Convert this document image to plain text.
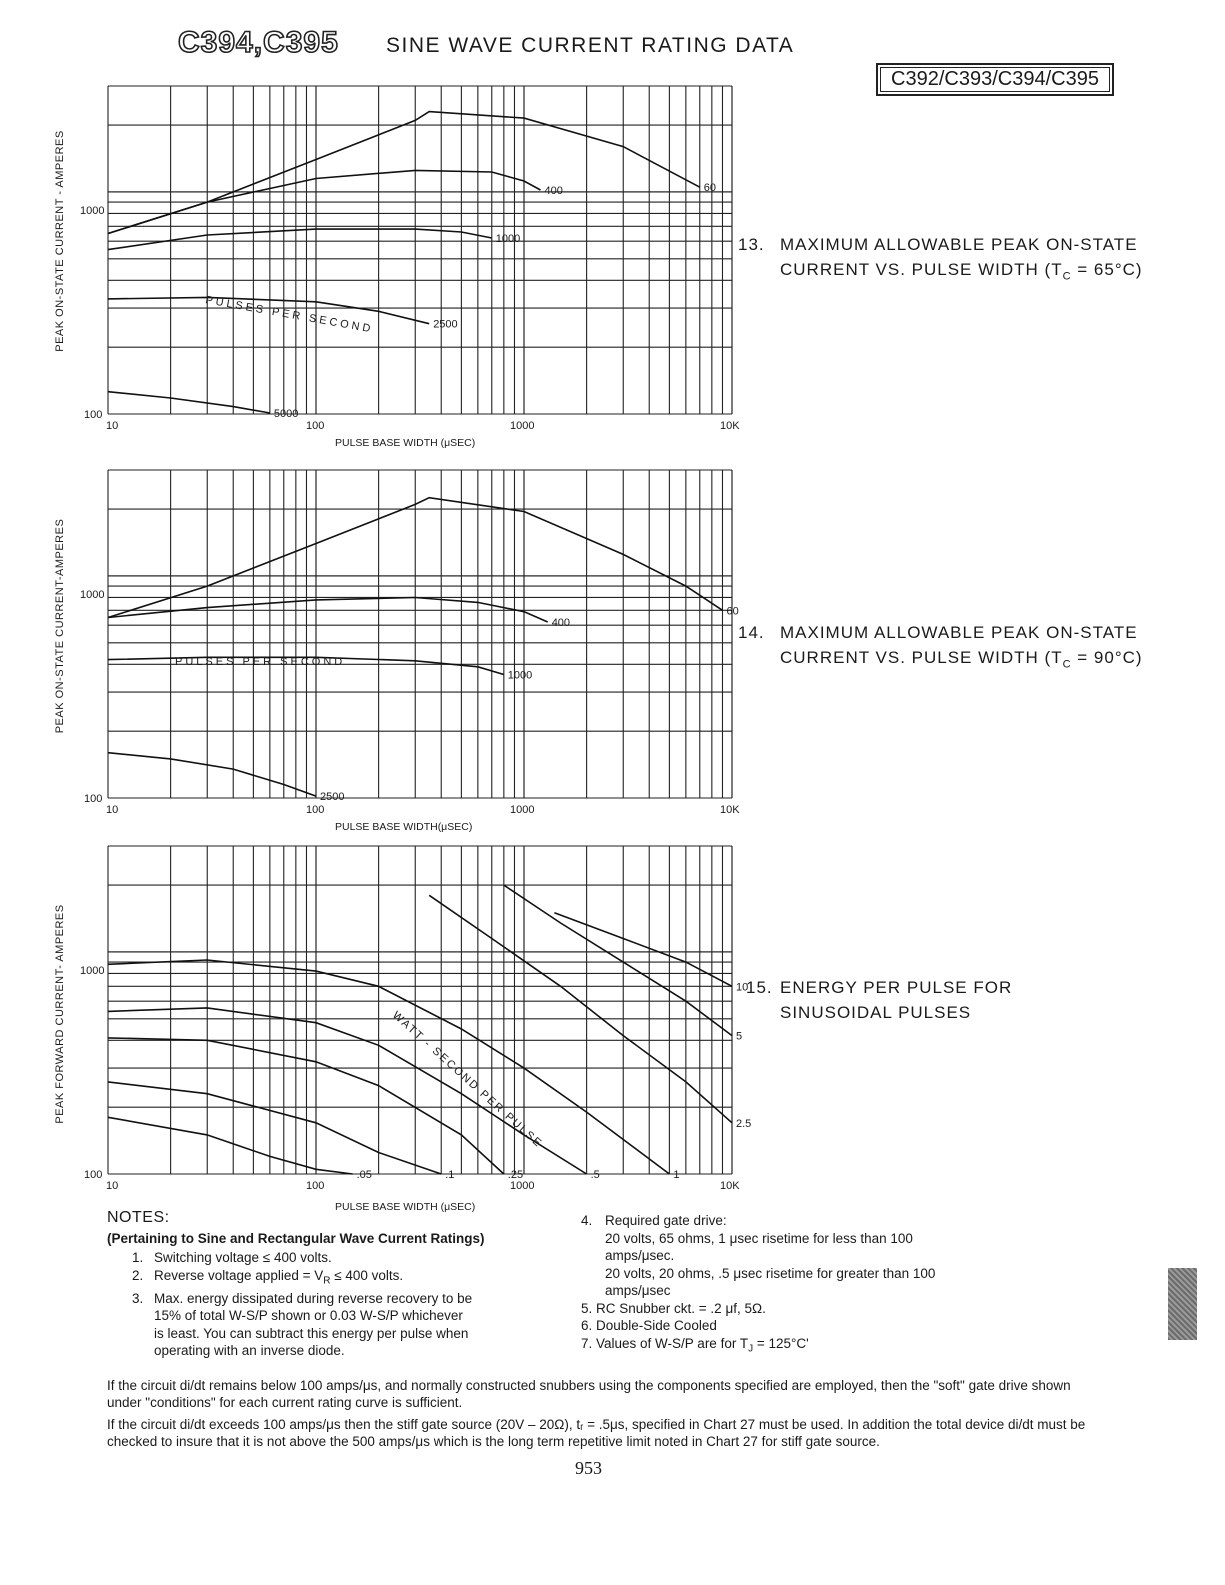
C394,C395 SINE WAVE CURRENT RATING DATA
C392/C393/C394/C395
PEAK ON-STATE CURRENT - AMPERES	60
400
1000
2500
5000
1000
100
10	100	1000	10K
PULSE BASE WIDTH (μSEC)
PULSES PER SECOND
13. MAXIMUM ALLOWABLE PEAK ON-STATE
CURRENT VS. PULSE WIDTH $(T_C = 65^\circ C)$
PEAK ON-STATE CURRENT-AMPERES	60
400
1000
2500
1000
100
10	100	1000	10K
PULSE BASE WIDTH(μSEC)
PULSES PER SECOND
14. MAXIMUM ALLOWABLE PEAK ON-STATE
CURRENT VS. PULSE WIDTH $(T_C = 90^\circ C)$
PEAK FORWARD CURRENT- AMPERES	10
5
2.5
1
.5
.25
.1
.05
1000
100
10	100	1000	10K
PULSE BASE WIDTH (μSEC)
WATT - SECOND PER PULSE
15. ENERGY PER PULSE FOR
SINUSOIDAL PULSES
NOTES:
(Pertaining to Sine and Rectangular Wave Current Ratings)
1. Switching voltage ≤ 400 volts.
2. Reverse voltage applied = $V_R \le 400$ volts.
3. Max. energy dissipated during reverse recovery to be
15% of total W-S/P shown or 0.03 W-S/P whichever
is least. You can subtract this energy per pulse when
operating with an inverse diode.
4. Required gate drive:
20 volts, 65 ohms, 1 μsec risetime for less than 100
amps/μsec.
20 volts, 20 ohms, .5 μsec risetime for greater than 100
amps/μsec
5. RC Snubber ckt. = .2 μf, 5Ω.
6. Double-Side Cooled
7. Values of W-S/P are for $T_J = 125^\circ C'$
If the circuit di/dt remains below 100 amps/μs, and normally constructed snubbers using the components specified are employed, then the "soft" gate drive shown under "conditions" for each current rating curve is sufficient.
If the circuit di/dt exceeds 100 amps/μs then the stiff gate source (20V – 20Ω), tᵣ = .5μs, specified in Chart 27 must be used. In addition the total device di/dt must be checked to insure that it is not above the 500 amps/μs which is the long term repetitive limit noted in Chart 27 for stiff gate source.
953
